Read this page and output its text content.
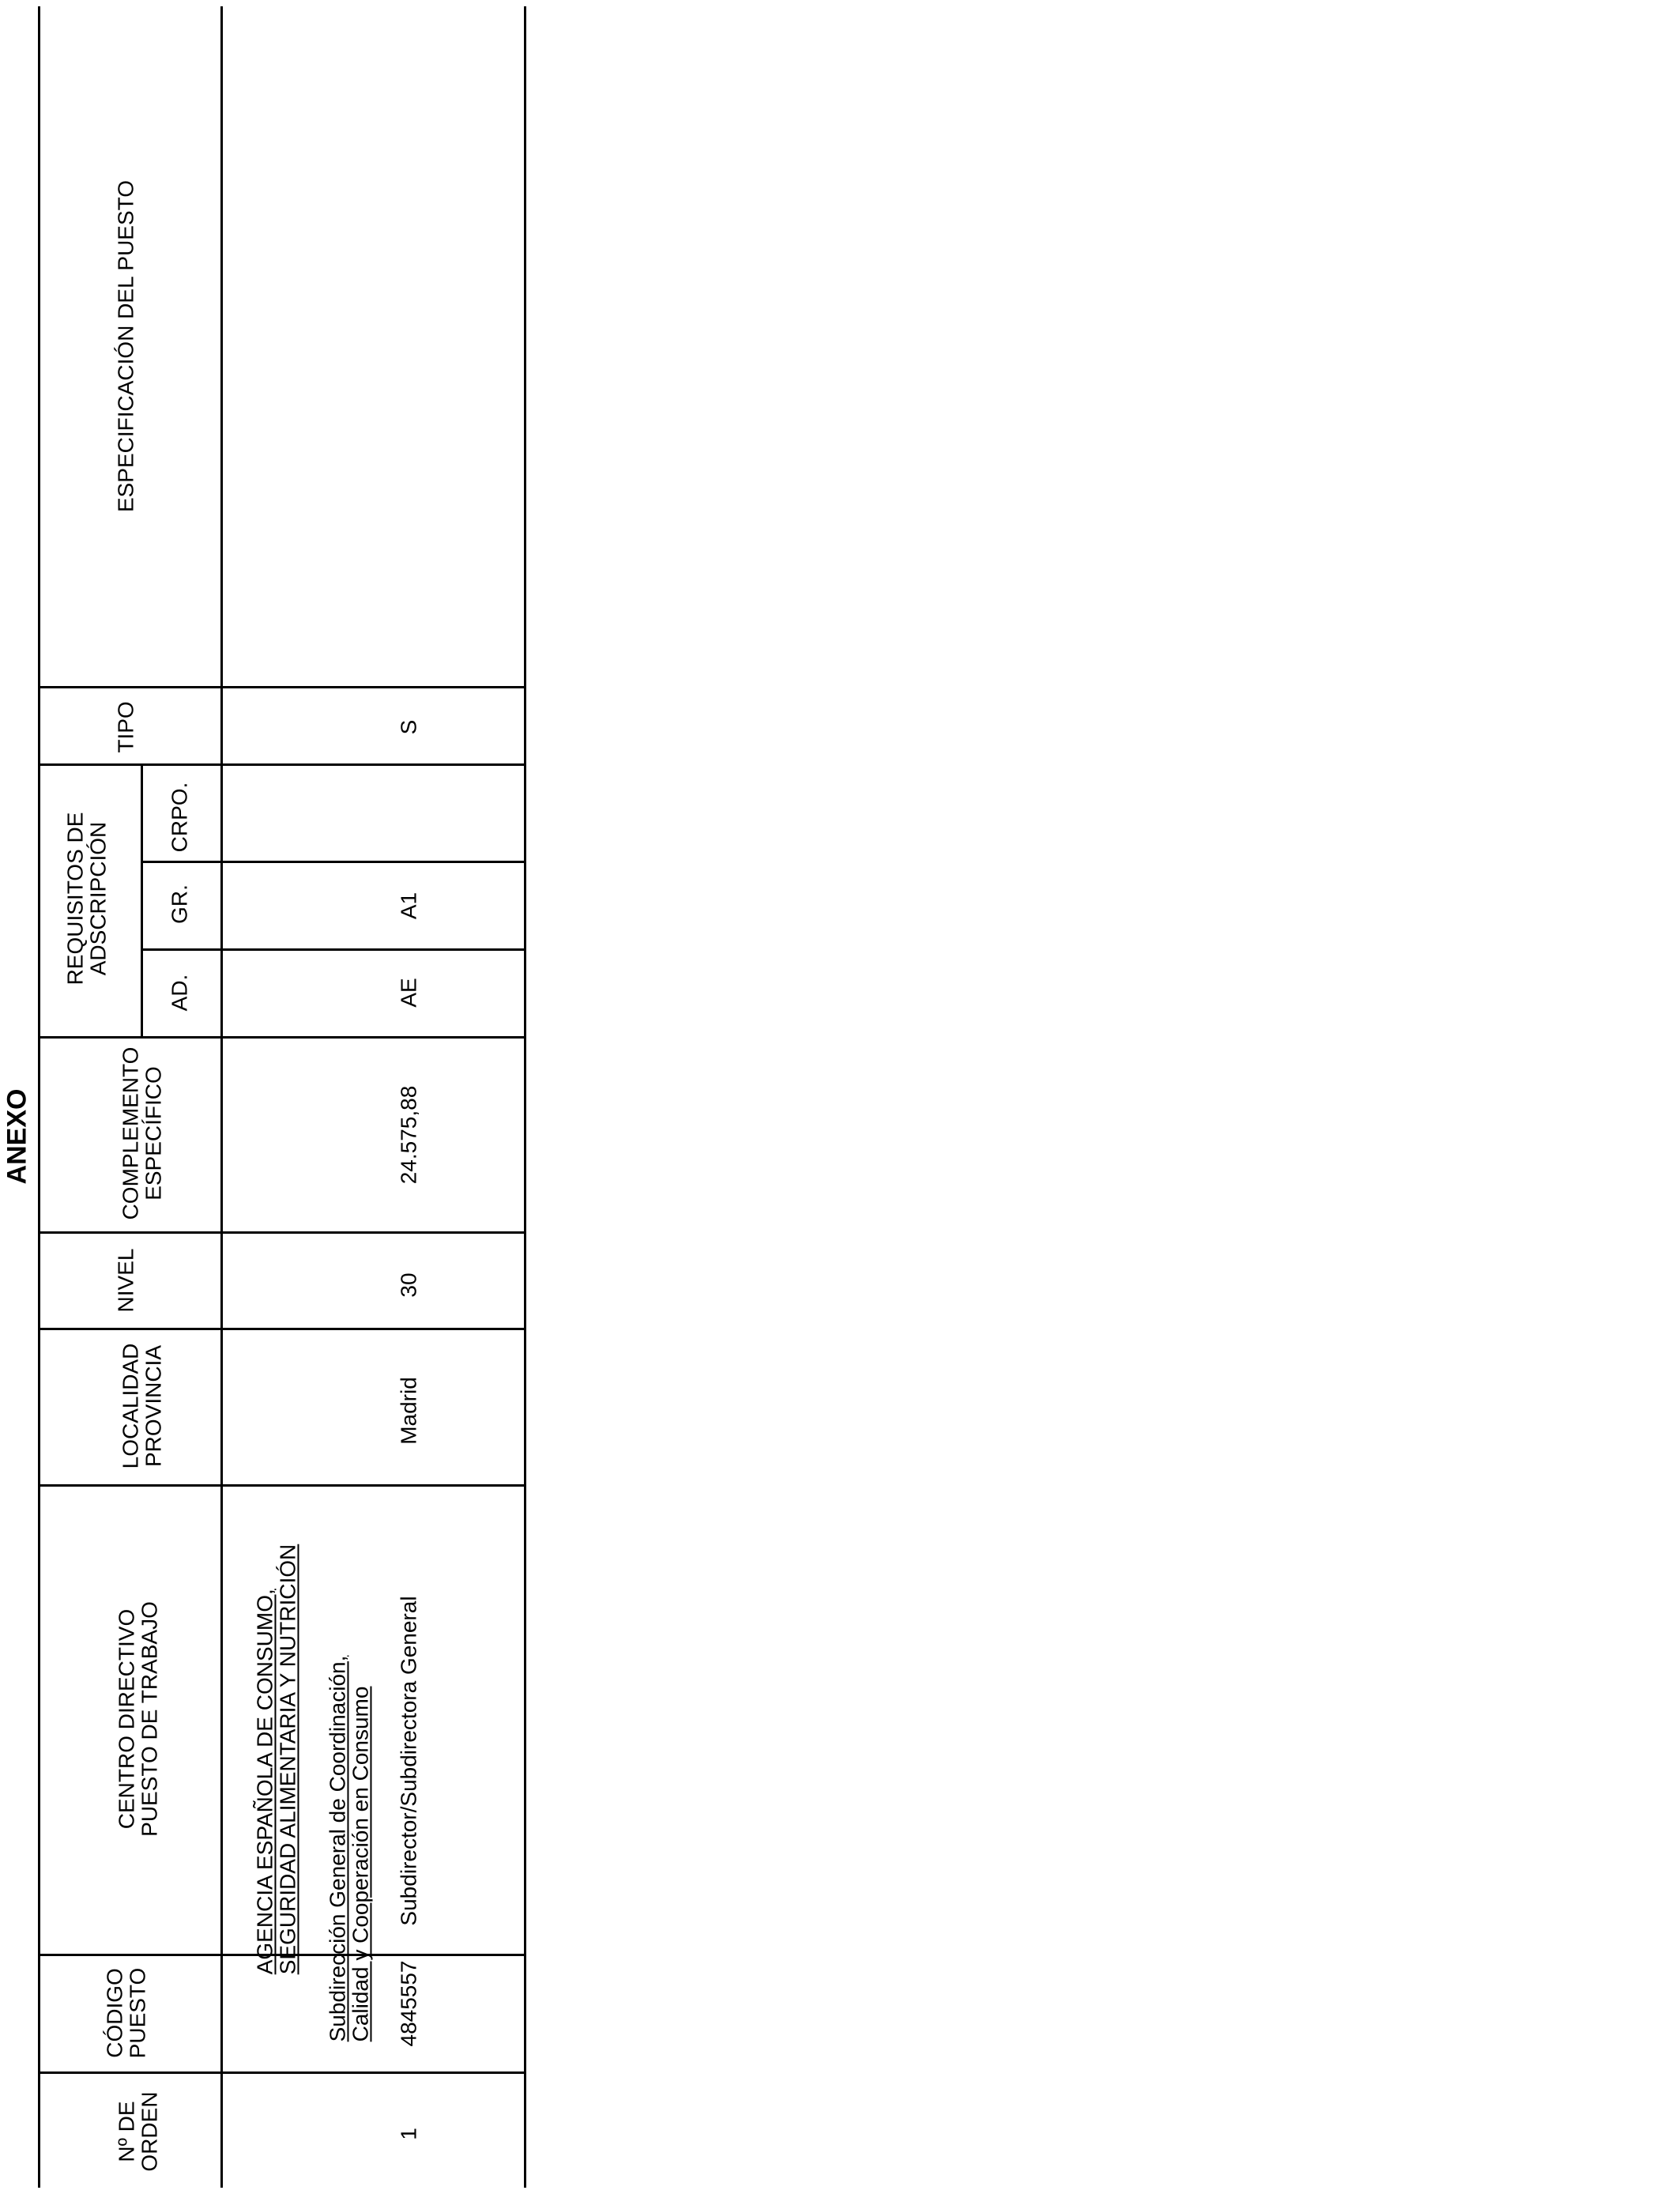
ANEXO
Nº DE
ORDEN
CÓDIGO
PUESTO
CENTRO DIRECTIVO
PUESTO DE TRABAJO
LOCALIDAD
PROVINCIA
NIVEL
COMPLEMENTO
ESPECÍFICO
REQUISITOS DE
ADSCRIPCIÓN
AD.
GR.
CRPO.
TIPO
ESPECIFICACIÓN DEL PUESTO
AGENCIA ESPAÑOLA DE CONSUMO,
SEGURIDAD ALIMENTARIA Y NUTRICIÓN Subdirección General de Coordinación,
Calidad y Cooperación en Consumo
1
4845557
Subdirector/Subdirectora General
Madrid
30
24.575,88
AE
A1
S
